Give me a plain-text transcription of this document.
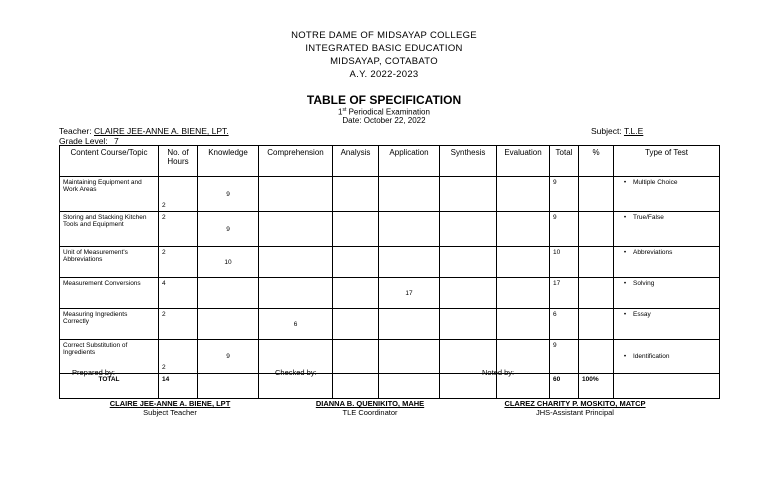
NOTRE DAME OF MIDSAYAP COLLEGE
INTEGRATED BASIC EDUCATION
MIDSAYAP, COTABATO
A.Y. 2022-2023
TABLE OF SPECIFICATION
1st Periodical Examination
Date: October 22, 2022
Teacher: CLAIRE JEE-ANNE A. BIENE, LPT.
Grade Level: 7
Subject: T.L.E
Content Course/Topic	No. of Hours	Knowledge	Comprehension	Analysis	Application	Synthesis	Evaluation	Total	%	Type of Test
Maintaining Equipment and Work Areas	2	9						9		• Multiple Choice
Storing and Stacking Kitchen Tools and Equipment	2	9						9		• True/False
Unit of Measurement's Abbreviations	2	10						10		• Abbreviations
Measurement Conversions	4				17			17		• Solving
Measuring Ingredients Correctly	2		6					6		• Essay
Correct Substitution of Ingredients	2	9						9		• Identification
TOTAL	14							60	100%	
Prepared by:	Checked by:	Noted by:
CLAIRE JEE-ANNE A. BIENE, LPT
Subject Teacher
DIANNA B. QUENIKITO, MAHE
TLE Coordinator
CLAREZ CHARITY P. MOSKITO, MATCP
JHS-Assistant Principal
